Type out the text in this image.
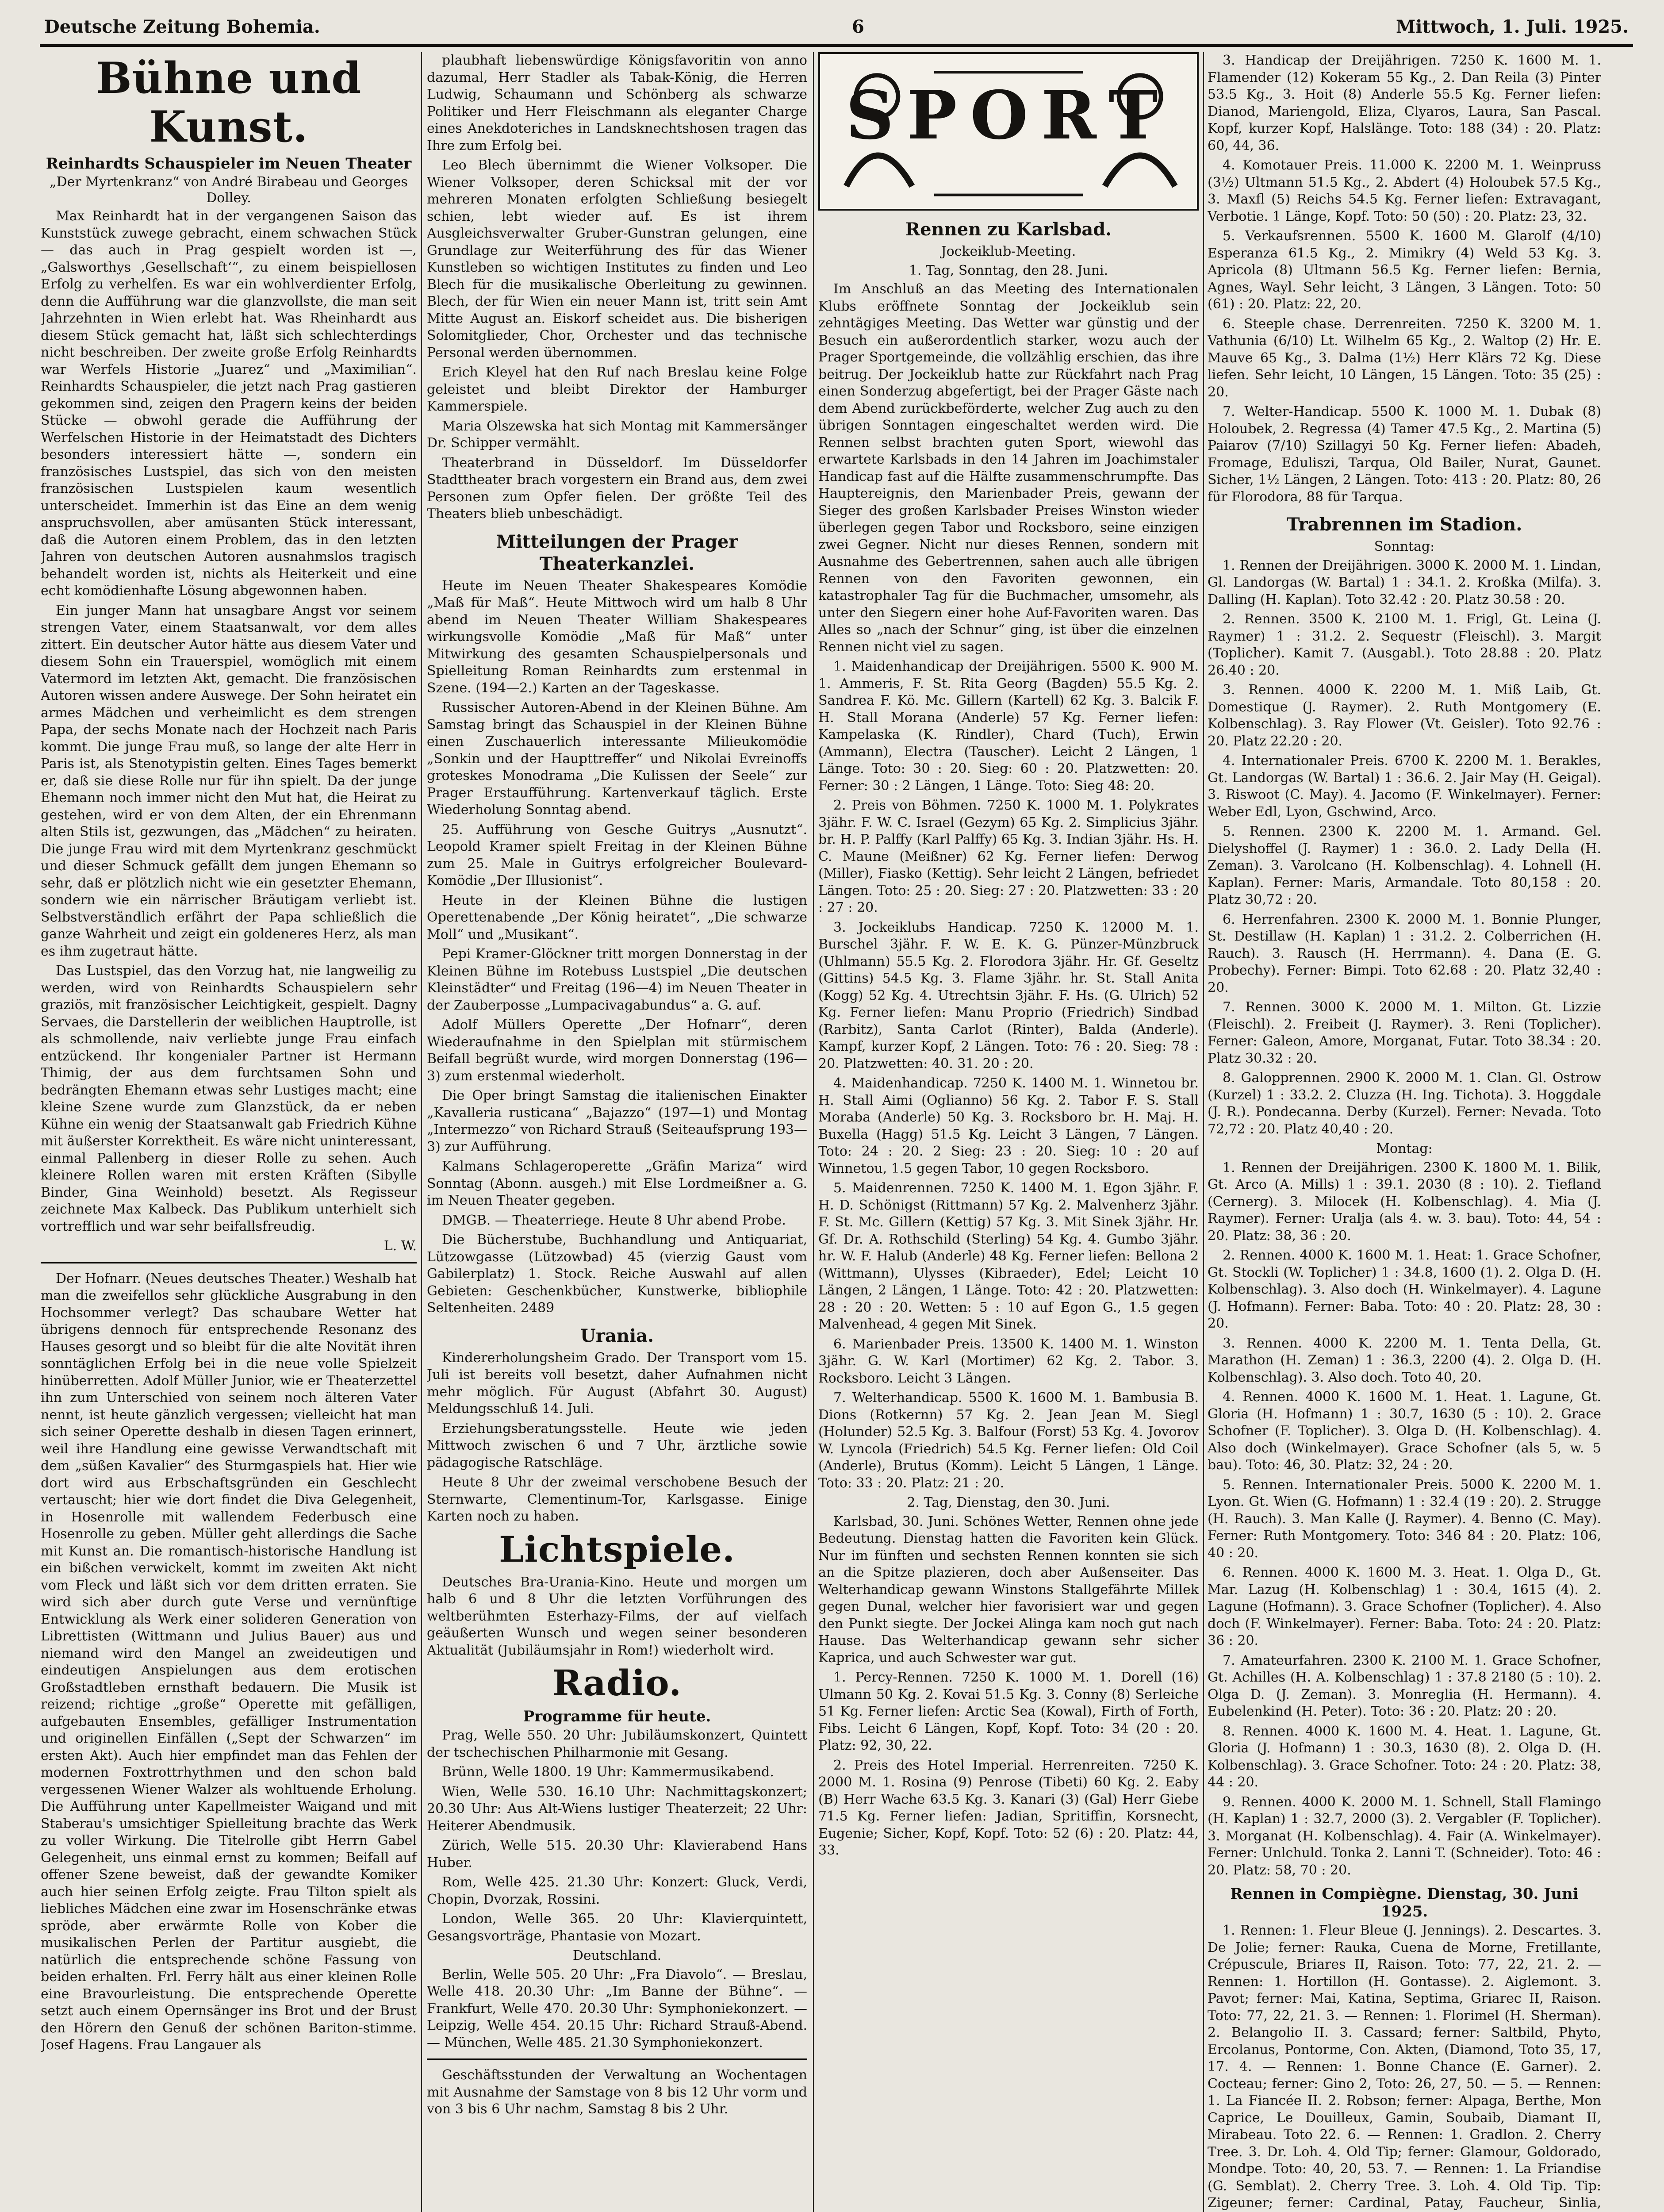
Deutsche Zeitung Bohemia.	6	Mittwoch, 1. Juli. 1925.
Bühne und Kunst.
Reinhardts Schauspieler im Neuen Theater
„Der Myrtenkranz“ von André Birabeau und Georges Dolley.

Max Reinhardt hat in der vergangenen Saison das Kunststück zuwege gebracht, einem schwachen Stück — das auch in Prag gespielt worden ist —, „Galsworthys ‚Gesellschaft‘“, zu einem beispiellosen Erfolg zu verhelfen. Es war ein wohlverdienter Erfolg, denn die Aufführung war die glanzvollste, die man seit Jahrzehnten in Wien erlebt hat. Was Rheinhardt aus diesem Stück gemacht hat, läßt sich schlechterdings nicht beschreiben. Der zweite große Erfolg Reinhardts war Werfels Historie „Juarez“ und „Maximilian“. Reinhardts Schauspieler, die jetzt nach Prag gastieren gekommen sind, zeigen den Pragern keins der beiden Stücke — obwohl gerade die Aufführung der Werfelschen Historie in der Heimatstadt des Dichters besonders interessiert hätte —, sondern ein französisches Lustspiel, das sich von den meisten französischen Lustspielen kaum wesentlich unterscheidet. Immerhin ist das Eine an dem wenig anspruchsvollen, aber amüsanten Stück interessant, daß die Autoren einem Problem, das in den letzten Jahren von deutschen Autoren ausnahmslos tragisch behandelt worden ist, nichts als Heiterkeit und eine echt komödienhafte Lösung abgewonnen haben.

Ein junger Mann hat unsagbare Angst vor seinem strengen Vater, einem Staatsanwalt, vor dem alles zittert. Ein deutscher Autor hätte aus diesem Vater und diesem Sohn ein Trauerspiel, womöglich mit einem Vatermord im letzten Akt, gemacht. Die französischen Autoren wissen andere Auswege. Der Sohn heiratet ein armes Mädchen und verheimlicht es dem strengen Papa, der sechs Monate nach der Hochzeit nach Paris kommt. Die junge Frau muß, so lange der alte Herr in Paris ist, als Stenotypistin gelten. Eines Tages bemerkt er, daß sie diese Rolle nur für ihn spielt. Da der junge Ehemann noch immer nicht den Mut hat, die Heirat zu gestehen, wird er von dem Alten, der ein Ehrenmann alten Stils ist, gezwungen, das „Mädchen“ zu heiraten. Die junge Frau wird mit dem Myrtenkranz geschmückt und dieser Schmuck gefällt dem jungen Ehemann so sehr, daß er plötzlich nicht wie ein gesetzter Ehemann, sondern wie ein närrischer Bräutigam verliebt ist. Selbstverständlich erfährt der Papa schließlich die ganze Wahrheit und zeigt ein goldeneres Herz, als man es ihm zugetraut hätte.

Das Lustspiel, das den Vorzug hat, nie langweilig zu werden, wird von Reinhardts Schauspielern sehr graziös, mit französischer Leichtigkeit, gespielt. Dagny Servaes, die Darstellerin der weiblichen Hauptrolle, ist als schmollende, naiv verliebte junge Frau einfach entzückend. Ihr kongenialer Partner ist Hermann Thimig, der aus dem furchtsamen Sohn und bedrängten Ehemann etwas sehr Lustiges macht; eine kleine Szene wurde zum Glanzstück, da er neben Kühne ein wenig der Staatsanwalt gab Friedrich Kühne mit äußerster Korrektheit. Es wäre nicht uninteressant, einmal Pallenberg in dieser Rolle zu sehen. Auch kleinere Rollen waren mit ersten Kräften (Sibylle Binder, Gina Weinhold) besetzt. Als Regisseur zeichnete Max Kalbeck. Das Publikum unterhielt sich vortrefflich und war sehr beifallsfreudig.

L. W.

Der Hofnarr. (Neues deutsches Theater.) Weshalb hat man die zweifellos sehr glückliche Ausgrabung in den Hochsommer verlegt? Das schaubare Wetter hat übrigens dennoch für entsprechende Resonanz des Hauses gesorgt und so bleibt für die alte Novität ihren sonntäglichen Erfolg bei in die neue volle Spielzeit hinüberretten. Adolf Müller Junior, wie er Theaterzettel ihn zum Unterschied von seinem noch älteren Vater nennt, ist heute gänzlich vergessen; vielleicht hat man sich seiner Operette deshalb in diesen Tagen erinnert, weil ihre Handlung eine gewisse Verwandtschaft mit dem „süßen Kavalier“ des Sturmgaspiels hat. Hier wie dort wird aus Erbschaftsgründen ein Geschlecht vertauscht; hier wie dort findet die Diva Gelegenheit, in Hosenrolle mit wallendem Federbusch eine Hosenrolle zu geben. Müller geht allerdings die Sache mit Kunst an. Die romantisch-historische Handlung ist ein bißchen verwickelt, kommt im zweiten Akt nicht vom Fleck und läßt sich vor dem dritten erraten. Sie wird sich aber durch gute Verse und vernünftige Entwicklung als Werk einer solideren Generation von Librettisten (Wittmann und Julius Bauer) aus und niemand wird den Mangel an zweideutigen und eindeutigen Anspielungen aus dem erotischen Großstadtleben ernsthaft bedauern. Die Musik ist reizend; richtige „große“ Operette mit gefälligen, aufgebauten Ensembles, gefälliger Instrumentation und originellen Einfällen („Sept der Schwarzen“ im ersten Akt). Auch hier empfindet man das Fehlen der modernen Foxtrottrhythmen und den schon bald vergessenen Wiener Walzer als wohltuende Erholung. Die Aufführung unter Kapellmeister Waigand und mit Staberau's umsichtiger Spielleitung brachte das Werk zu voller Wirkung. Die Titelrolle gibt Herrn Gabel Gelegenheit, uns einmal ernst zu kommen; Beifall auf offener Szene beweist, daß der gewandte Komiker auch hier seinen Erfolg zeigte. Frau Tilton spielt als liebliches Mädchen eine zwar im Hosenschränke etwas spröde, aber erwärmte Rolle von Kober die musikalischen Perlen der Partitur ausgiebt, die natürlich die entsprechende schöne Fassung von beiden erhalten. Frl. Ferry hält aus einer kleinen Rolle eine Bravourleistung. Die entsprechende Operette setzt auch einem Opernsänger ins Brot und der Brust den Hörern den Genuß der schönen Bariton-stimme. Josef Hagens. Frau Langauer als

plaubhaft liebenswürdige Königsfavoritin von anno dazumal, Herr Stadler als Tabak-König, die Herren Ludwig, Schaumann und Schönberg als schwarze Politiker und Herr Fleischmann als eleganter Charge eines Anekdoteriches in Landsknechtshosen tragen das Ihre zum Erfolg bei.

Leo Blech übernimmt die Wiener Volksoper. Die Wiener Volksoper, deren Schicksal mit der vor mehreren Monaten erfolgten Schließung besiegelt schien, lebt wieder auf. Es ist ihrem Ausgleichsverwalter Gruber-Gunstran gelungen, eine Grundlage zur Weiterführung des für das Wiener Kunstleben so wichtigen Institutes zu finden und Leo Blech für die musikalische Oberleitung zu gewinnen. Blech, der für Wien ein neuer Mann ist, tritt sein Amt Mitte August an. Eiskorf scheidet aus. Die bisherigen Solomitglieder, Chor, Orchester und das technische Personal werden übernommen.

Erich Kleyel hat den Ruf nach Breslau keine Folge geleistet und bleibt Direktor der Hamburger Kammerspiele.

Maria Olszewska hat sich Montag mit Kammersänger Dr. Schipper vermählt.

Theaterbrand in Düsseldorf. Im Düsseldorfer Stadttheater brach vorgestern ein Brand aus, dem zwei Personen zum Opfer fielen. Der größte Teil des Theaters blieb unbeschädigt.

Mitteilungen der Prager Theaterkanzlei.

Heute im Neuen Theater Shakespeares Komödie „Maß für Maß“. Heute Mittwoch wird um halb 8 Uhr abend im Neuen Theater William Shakespeares wirkungsvolle Komödie „Maß für Maß“ unter Mitwirkung des gesamten Schauspielpersonals und Spielleitung Roman Reinhardts zum erstenmal in Szene. (194—2.) Karten an der Tageskasse.

Russischer Autoren-Abend in der Kleinen Bühne. Am Samstag bringt das Schauspiel in der Kleinen Bühne einen Zuschauerlich interessante Milieukomödie „Sonkin und der Haupttreffer“ und Nikolai Evreinoffs groteskes Monodrama „Die Kulissen der Seele“ zur Prager Erstaufführung. Kartenverkauf täglich. Erste Wiederholung Sonntag abend.

25. Aufführung von Gesche Guitrys „Ausnutzt“. Leopold Kramer spielt Freitag in der Kleinen Bühne zum 25. Male in Guitrys erfolgreicher Boulevard-Komödie „Der Illusionist“.

Heute in der Kleinen Bühne die lustigen Operettenabende „Der König heiratet“, „Die schwarze Moll“ und „Musikant“.

Pepi Kramer-Glöckner tritt morgen Donnerstag in der Kleinen Bühne im Rotebuss Lustspiel „Die deutschen Kleinstädter“ und Freitag (196—4) im Neuen Theater in der Zauberposse „Lumpacivagabundus“ a. G. auf.

Adolf Müllers Operette „Der Hofnarr“, deren Wiederaufnahme in den Spielplan mit stürmischem Beifall begrüßt wurde, wird morgen Donnerstag (196—3) zum erstenmal wiederholt.

Die Oper bringt Samstag die italienischen Einakter „Kavalleria rusticana“ „Bajazzo“ (197—1) und Montag „Intermezzo“ von Richard Strauß (Seiteaufsprung 193—3) zur Aufführung.

Kalmans Schlageroperette „Gräfin Mariza“ wird Sonntag (Abonn. ausgeh.) mit Else Lordmeißner a. G. im Neuen Theater gegeben.

DMGB. — Theaterriege. Heute 8 Uhr abend Probe.

Die Bücherstube, Buchhandlung und Antiquariat, Lützowgasse (Lützowbad) 45 (vierzig Gaust vom Gabilerplatz) 1. Stock. Reiche Auswahl auf allen Gebieten: Geschenkbücher, Kunstwerke, bibliophile Seltenheiten. 2489

Urania.

Kindererholungsheim Grado. Der Transport vom 15. Juli ist bereits voll besetzt, daher Aufnahmen nicht mehr möglich. Für August (Abfahrt 30. August) Meldungsschluß 14. Juli.

Erziehungsberatungsstelle. Heute wie jeden Mittwoch zwischen 6 und 7 Uhr, ärztliche sowie pädagogische Ratschläge.

Heute 8 Uhr der zweimal verschobene Besuch der Sternwarte, Clementinum-Tor, Karlsgasse. Einige Karten noch zu haben.

Lichtspiele.

Deutsches Bra-Urania-Kino. Heute und morgen um halb 6 und 8 Uhr die letzten Vorführungen des weltberühmten Esterhazy-Films, der auf vielfach geäußerten Wunsch und wegen seiner besonderen Aktualität (Jubiläumsjahr in Rom!) wiederholt wird.

Radio.
Programme für heute.

Prag, Welle 550. 20 Uhr: Jubiläumskonzert, Quintett der tschechischen Philharmonie mit Gesang.

Brünn, Welle 1800. 19 Uhr: Kammermusikabend.

Wien, Welle 530. 16.10 Uhr: Nachmittagskonzert; 20.30 Uhr: Aus Alt-Wiens lustiger Theaterzeit; 22 Uhr: Heiterer Abendmusik.

Zürich, Welle 515. 20.30 Uhr: Klavierabend Hans Huber.

Rom, Welle 425. 21.30 Uhr: Konzert: Gluck, Verdi, Chopin, Dvorzak, Rossini.

London, Welle 365. 20 Uhr: Klavierquintett, Gesangsvorträge, Phantasie von Mozart.

Deutschland.

Berlin, Welle 505. 20 Uhr: „Fra Diavolo“. — Breslau, Welle 418. 20.30 Uhr: „Im Banne der Bühne“. — Frankfurt, Welle 470. 20.30 Uhr: Symphoniekonzert. — Leipzig, Welle 454. 20.15 Uhr: Richard Strauß-Abend. — München, Welle 485. 21.30 Symphoniekonzert.

Geschäftsstunden der Verwaltung an Wochentagen mit Ausnahme der Samstage von 8 bis 12 Uhr vorm und von 3 bis 6 Uhr nachm, Samstag 8 bis 2 Uhr.

SPORT
Rennen zu Karlsbad.
Jockeiklub-Meeting.
1. Tag, Sonntag, den 28. Juni.

Im Anschluß an das Meeting des Internationalen Klubs eröffnete Sonntag der Jockeiklub sein zehntägiges Meeting. Das Wetter war günstig und der Besuch ein außerordentlich starker, wozu auch der Prager Sportgemeinde, die vollzählig erschien, das ihre beitrug. Der Jockeiklub hatte zur Rückfahrt nach Prag einen Sonderzug abgefertigt, bei der Prager Gäste nach dem Abend zurückbeförderte, welcher Zug auch zu den übrigen Sonntagen eingeschaltet werden wird. Die Rennen selbst brachten guten Sport, wiewohl das erwartete Karlsbads in den 14 Jahren im Joachimstaler Handicap fast auf die Hälfte zusammenschrumpfte. Das Hauptereignis, den Marienbader Preis, gewann der Sieger des großen Karlsbader Preises Winston wieder überlegen gegen Tabor und Rocksboro, seine einzigen zwei Gegner. Nicht nur dieses Rennen, sondern mit Ausnahme des Gebertrennen, sahen auch alle übrigen Rennen von den Favoriten gewonnen, ein katastrophaler Tag für die Buchmacher, umsomehr, als unter den Siegern einer hohe Auf-Favoriten waren. Das Alles so „nach der Schnur“ ging, ist über die einzelnen Rennen nicht viel zu sagen.

1. Maidenhandicap der Dreijährigen. 5500 K. 900 M. 1. Ammeris, F. St. Rita Georg (Bagden) 55.5 Kg. 2. Sandrea F. Kö. Mc. Gillern (Kartell) 62 Kg. 3. Balcik F. H. Stall Morana (Anderle) 57 Kg. Ferner liefen: Kampelaska (K. Rindler), Chard (Tuch), Erwin (Ammann), Electra (Tauscher). Leicht 2 Längen, 1 Länge. Toto: 30 : 20. Sieg: 60 : 20. Platzwetten: 20. Ferner: 30 : 2 Längen, 1 Länge. Toto: Sieg 48: 20.

2. Preis von Böhmen. 7250 K. 1000 M. 1. Polykrates 3jähr. F. W. C. Israel (Gezym) 65 Kg. 2. Simplicius 3jähr. br. H. P. Palffy (Karl Palffy) 65 Kg. 3. Indian 3jähr. Hs. H. C. Maune (Meißner) 62 Kg. Ferner liefen: Derwog (Miller), Fiasko (Kettig). Sehr leicht 2 Längen, befriedet Längen. Toto: 25 : 20. Sieg: 27 : 20. Platzwetten: 33 : 20 : 27 : 20.

3. Jockeiklubs Handicap. 7250 K. 12000 M. 1. Burschel 3jähr. F. W. E. K. G. Pünzer-Münzbruck (Uhlmann) 55.5 Kg. 2. Florodora 3jähr. Hr. Gf. Geseltz (Gittins) 54.5 Kg. 3. Flame 3jähr. hr. St. Stall Anita (Kogg) 52 Kg. 4. Utrechtsin 3jähr. F. Hs. (G. Ulrich) 52 Kg. Ferner liefen: Manu Proprio (Friedrich) Sindbad (Rarbitz), Santa Carlot (Rinter), Balda (Anderle). Kampf, kurzer Kopf, 2 Längen. Toto: 76 : 20. Sieg: 78 : 20. Platzwetten: 40. 31. 20 : 20.

4. Maidenhandicap. 7250 K. 1400 M. 1. Winnetou br. H. Stall Aimi (Oglianno) 56 Kg. 2. Tabor F. S. Stall Moraba (Anderle) 50 Kg. 3. Rocksboro br. H. Maj. H. Buxella (Hagg) 51.5 Kg. Leicht 3 Längen, 7 Längen. Toto: 24 : 20. 2 Sieg: 23 : 20. Sieg: 10 : 20 auf Winnetou, 1.5 gegen Tabor, 10 gegen Rocksboro.

5. Maidenrennen. 7250 K. 1400 M. 1. Egon 3jähr. F. H. D. Schönigst (Rittmann) 57 Kg. 2. Malvenherz 3jähr. F. St. Mc. Gillern (Kettig) 57 Kg. 3. Mit Sinek 3jähr. Hr. Gf. Dr. A. Rothschild (Sterling) 54 Kg. 4. Gumbo 3jähr. hr. W. F. Halub (Anderle) 48 Kg. Ferner liefen: Bellona 2 (Wittmann), Ulysses (Kibraeder), Edel; Leicht 10 Längen, 2 Längen, 1 Länge. Toto: 42 : 20. Platzwetten: 28 : 20 : 20. Wetten: 5 : 10 auf Egon G., 1.5 gegen Malvenhead, 4 gegen Mit Sinek.

6. Marienbader Preis. 13500 K. 1400 M. 1. Winston 3jähr. G. W. Karl (Mortimer) 62 Kg. 2. Tabor. 3. Rocksboro. Leicht 3 Längen.

7. Welterhandicap. 5500 K. 1600 M. 1. Bambusia B. Dions (Rotkernn) 57 Kg. 2. Jean Jean M. Siegl (Holunder) 52.5 Kg. 3. Balfour (Forst) 53 Kg. 4. Jovorov W. Lyncola (Friedrich) 54.5 Kg. Ferner liefen: Old Coil (Anderle), Brutus (Komm). Leicht 5 Längen, 1 Länge. Toto: 33 : 20. Platz: 21 : 20.

2. Tag, Dienstag, den 30. Juni.

Karlsbad, 30. Juni. Schönes Wetter, Rennen ohne jede Bedeutung. Dienstag hatten die Favoriten kein Glück. Nur im fünften und sechsten Rennen konnten sie sich an die Spitze plazieren, doch aber Außenseiter. Das Welterhandicap gewann Winstons Stallgefährte Millek gegen Dunal, welcher hier favorisiert war und gegen den Punkt siegte. Der Jockei Alinga kam noch gut nach Hause. Das Welterhandicap gewann sehr sicher Kaprica, und auch Schwester war gut.

1. Percy-Rennen. 7250 K. 1000 M. 1. Dorell (16) Ulmann 50 Kg. 2. Kovai 51.5 Kg. 3. Conny (8) Serleiche 51 Kg. Ferner liefen: Arctic Sea (Kowal), Firth of Forth, Fibs. Leicht 6 Längen, Kopf, Kopf. Toto: 34 (20 : 20. Platz: 92, 30, 22.

2. Preis des Hotel Imperial. Herrenreiten. 7250 K. 2000 M. 1. Rosina (9) Penrose (Tibeti) 60 Kg. 2. Eaby (B) Herr Wache 63.5 Kg. 3. Kanari (3) (Gal) Herr Giebe 71.5 Kg. Ferner liefen: Jadian, Spritiffin, Korsnecht, Eugenie; Sicher, Kopf, Kopf. Toto: 52 (6) : 20. Platz: 44, 33.

3. Handicap der Dreijährigen. 7250 K. 1600 M. 1. Flamender (12) Kokeram 55 Kg., 2. Dan Reila (3) Pinter 53.5 Kg., 3. Hoit (8) Anderle 55.5 Kg. Ferner liefen: Dianod, Mariengold, Eliza, Clyaros, Laura, San Pascal. Kopf, kurzer Kopf, Halslänge. Toto: 188 (34) : 20. Platz: 60, 44, 36.

4. Komotauer Preis. 11.000 K. 2200 M. 1. Weinpruss (3½) Ultmann 51.5 Kg., 2. Abdert (4) Holoubek 57.5 Kg., 3. Maxfl (5) Reichs 54.5 Kg. Ferner liefen: Extravagant, Verbotie. 1 Länge, Kopf. Toto: 50 (50) : 20. Platz: 23, 32.

5. Verkaufsrennen. 5500 K. 1600 M. Glarolf (4/10) Esperanza 61.5 Kg., 2. Mimikry (4) Weld 53 Kg. 3. Apricola (8) Ultmann 56.5 Kg. Ferner liefen: Bernia, Agnes, Wayl. Sehr leicht, 3 Längen, 3 Längen. Toto: 50 (61) : 20. Platz: 22, 20.

6. Steeple chase. Derrenreiten. 7250 K. 3200 M. 1. Vathunia (6/10) Lt. Wilhelm 65 Kg., 2. Waltop (2) Hr. E. Mauve 65 Kg., 3. Dalma (1½) Herr Klärs 72 Kg. Diese liefen. Sehr leicht, 10 Längen, 15 Längen. Toto: 35 (25) : 20.

7. Welter-Handicap. 5500 K. 1000 M. 1. Dubak (8) Holoubek, 2. Regressa (4) Tamer 47.5 Kg., 2. Martina (5) Paiarov (7/10) Szillagyi 50 Kg. Ferner liefen: Abadeh, Fromage, Eduliszi, Tarqua, Old Bailer, Nurat, Gaunet. Sicher, 1½ Längen, 2 Längen. Toto: 413 : 20. Platz: 80, 26 für Florodora, 88 für Tarqua.

Trabrennen im Stadion.
Sonntag:

1. Rennen der Dreijährigen. 3000 K. 2000 M. 1. Lindan, Gl. Landorgas (W. Bartal) 1 : 34.1. 2. Kroßka (Milfa). 3. Dalling (H. Kaplan). Toto 32.42 : 20. Platz 30.58 : 20.

2. Rennen. 3500 K. 2100 M. 1. Frigl, Gt. Leina (J. Raymer) 1 : 31.2. 2. Sequestr (Fleischl). 3. Margit (Toplicher). Kamit 7. (Ausgabl.). Toto 28.88 : 20. Platz 26.40 : 20.

3. Rennen. 4000 K. 2200 M. 1. Miß Laib, Gt. Domestique (J. Raymer). 2. Ruth Montgomery (E. Kolbenschlag). 3. Ray Flower (Vt. Geisler). Toto 92.76 : 20. Platz 22.20 : 20.

4. Internationaler Preis. 6700 K. 2200 M. 1. Berakles, Gt. Landorgas (W. Bartal) 1 : 36.6. 2. Jair May (H. Geigal). 3. Riswoot (C. May). 4. Jacomo (F. Winkelmayer). Ferner: Weber Edl, Lyon, Gschwind, Arco.

5. Rennen. 2300 K. 2200 M. 1. Armand. Gel. Dielyshoffel (J. Raymer) 1 : 36.0. 2. Lady Della (H. Zeman). 3. Varolcano (H. Kolbenschlag). 4. Lohnell (H. Kaplan). Ferner: Maris, Armandale. Toto 80,158 : 20. Platz 30,72 : 20.

6. Herrenfahren. 2300 K. 2000 M. 1. Bonnie Plunger, St. Destillaw (H. Kaplan) 1 : 31.2. 2. Colberrichen (H. Rauch). 3. Rausch (H. Herrmann). 4. Dana (E. G. Probechy). Ferner: Bimpi. Toto 62.68 : 20. Platz 32,40 : 20.

7. Rennen. 3000 K. 2000 M. 1. Milton. Gt. Lizzie (Fleischl). 2. Freibeit (J. Raymer). 3. Reni (Toplicher). Ferner: Galeon, Amore, Morganat, Futar. Toto 38.34 : 20. Platz 30.32 : 20.

8. Galopprennen. 2900 K. 2000 M. 1. Clan. Gl. Ostrow (Kurzel) 1 : 33.2. 2. Cluzza (H. Ing. Tichota). 3. Hoggdale (J. R.). Pondecanna. Derby (Kurzel). Ferner: Nevada. Toto 72,72 : 20. Platz 40,40 : 20.

Montag:

1. Rennen der Dreijährigen. 2300 K. 1800 M. 1. Bilik, Gt. Arco (A. Mills) 1 : 39.1. 2030 (8 : 10). 2. Tiefland (Cernerg). 3. Milocek (H. Kolbenschlag). 4. Mia (J. Raymer). Ferner: Uralja (als 4. w. 3. bau). Toto: 44, 54 : 20. Platz: 38, 36 : 20.

2. Rennen. 4000 K. 1600 M. 1. Heat: 1. Grace Schofner, Gt. Stockli (W. Toplicher) 1 : 34.8, 1600 (1). 2. Olga D. (H. Kolbenschlag). 3. Also doch (H. Winkelmayer). 4. Lagune (J. Hofmann). Ferner: Baba. Toto: 40 : 20. Platz: 28, 30 : 20.

3. Rennen. 4000 K. 2200 M. 1. Tenta Della, Gt. Marathon (H. Zeman) 1 : 36.3, 2200 (4). 2. Olga D. (H. Kolbenschlag). 3. Also doch. Toto 40, 20.

4. Rennen. 4000 K. 1600 M. 1. Heat. 1. Lagune, Gt. Gloria (H. Hofmann) 1 : 30.7, 1630 (5 : 10). 2. Grace Schofner (F. Toplicher). 3. Olga D. (H. Kolbenschlag). 4. Also doch (Winkelmayer). Grace Schofner (als 5, w. 5 bau). Toto: 46, 30. Platz: 32, 24 : 20.

5. Rennen. Internationaler Preis. 5000 K. 2200 M. 1. Lyon. Gt. Wien (G. Hofmann) 1 : 32.4 (19 : 20). 2. Strugge (H. Rauch). 3. Man Kalle (J. Raymer). 4. Benno (C. May). Ferner: Ruth Montgomery. Toto: 346 84 : 20. Platz: 106, 40 : 20.

6. Rennen. 4000 K. 1600 M. 3. Heat. 1. Olga D., Gt. Mar. Lazug (H. Kolbenschlag) 1 : 30.4, 1615 (4). 2. Lagune (Hofmann). 3. Grace Schofner (Toplicher). 4. Also doch (F. Winkelmayer). Ferner: Baba. Toto: 24 : 20. Platz: 36 : 20.

7. Amateurfahren. 2300 K. 2100 M. 1. Grace Schofner, Gt. Achilles (H. A. Kolbenschlag) 1 : 37.8 2180 (5 : 10). 2. Olga D. (J. Zeman). 3. Monreglia (H. Hermann). 4. Eubelenkind (H. Peter). Toto: 36 : 20. Platz: 20 : 20.

8. Rennen. 4000 K. 1600 M. 4. Heat. 1. Lagune, Gt. Gloria (J. Hofmann) 1 : 30.3, 1630 (8). 2. Olga D. (H. Kolbenschlag). 3. Grace Schofner. Toto: 24 : 20. Platz: 38, 44 : 20.

9. Rennen. 4000 K. 2000 M. 1. Schnell, Stall Flamingo (H. Kaplan) 1 : 32.7, 2000 (3). 2. Vergabler (F. Toplicher). 3. Morganat (H. Kolbenschlag). 4. Fair (A. Winkelmayer). Ferner: Unlchuld. Tonka 2. Lanni T. (Schneider). Toto: 46 : 20. Platz: 58, 70 : 20.

Rennen in Compiègne. Dienstag, 30. Juni 1925.

1. Rennen: 1. Fleur Bleue (J. Jennings). 2. Descartes. 3. De Jolie; ferner: Rauka, Cuena de Morne, Fretillante, Crépuscule, Briares II, Raison. Toto: 77, 22, 21. 2. — Rennen: 1. Hortillon (H. Gontasse). 2. Aiglemont. 3. Pavot; ferner: Mai, Katina, Septima, Griarec II, Raison. Toto: 77, 22, 21. 3. — Rennen: 1. Florimel (H. Sherman). 2. Belangolio II. 3. Cassard; ferner: Saltbild, Phyto, Ercolanus, Pontorme, Con. Akten, (Diamond, Toto 35, 17, 17. 4. — Rennen: 1. Bonne Chance (E. Garner). 2. Cocteau; ferner: Gino 2, Toto: 26, 27, 50. — 5. — Rennen: 1. La Fiancée II. 2. Robson; ferner: Alpaga, Berthe, Mon Caprice, Le Douilleux, Gamin, Soubaib, Diamant II, Mirabeau. Toto 22. 6. — Rennen: 1. Gradlon. 2. Cherry Tree. 3. Dr. Loh. 4. Old Tip; ferner: Glamour, Goldorado, Mondpe. Toto: 40, 20, 53. 7. — Rennen: 1. La Friandise (G. Semblat). 2. Cherry Tree. 3. Loh. 4. Old Tip. Tip: Zigeuner; ferner: Cardinal, Patay, Faucheur, Sinlia,
